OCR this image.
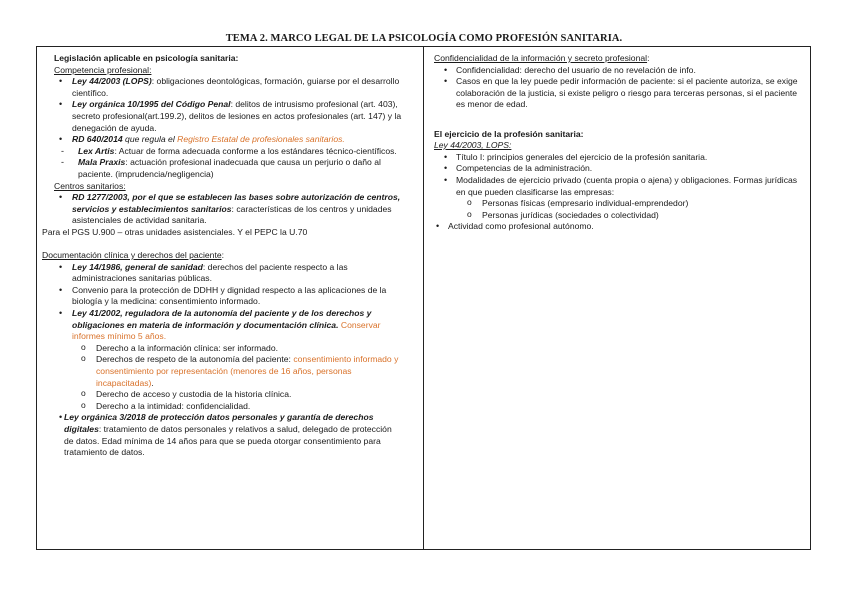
TEMA 2. MARCO LEGAL DE LA PSICOLOGÍA COMO PROFESIÓN SANITARIA.
Legislación aplicable en psicología sanitaria:
Competencia profesional:
• Ley 44/2003 (LOPS): obligaciones deontológicas, formación, guiarse por el desarrollo científico.
• Ley orgánica 10/1995 del Código Penal: delitos de intrusismo profesional (art. 403), secreto profesional(art.199.2), delitos de lesiones en actos profesionales (art. 147) y la denegación de ayuda.
• RD 640/2014 que regula el Registro Estatal de profesionales sanitarios.
- Lex Artis: Actuar de forma adecuada conforme a los estándares técnico-científicos.
- Mala Praxis: actuación profesional inadecuada que causa un perjurio o daño al paciente. (imprudencia/negligencia)
Centros sanitarios:
• RD 1277/2003, por el que se establecen las bases sobre autorización de centros, servicios y establecimientos sanitarios: características de los centros y unidades asistenciales de actividad sanitaria.
Para el PGS U.900 – otras unidades asistenciales. Y el PEPC la U.70
Documentación clínica y derechos del paciente:
• Ley 14/1986, general de sanidad: derechos del paciente respecto a las administraciones sanitarias públicas.
• Convenio para la protección de DDHH y dignidad respecto a las aplicaciones de la biología y la medicina: consentimiento informado.
• Ley 41/2002, reguladora de la autonomía del paciente y de los derechos y obligaciones en materia de información y documentación clínica. Conservar informes mínimo 5 años.
o Derecho a la información clínica: ser informado.
o Derechos de respeto de la autonomía del paciente: consentimiento informado y consentimiento por representación (menores de 16 años, personas incapacitadas).
o Derecho de acceso y custodia de la historia clínica.
o Derecho a la intimidad: confidencialidad.
• Ley orgánica 3/2018 de protección datos personales y garantía de derechos digitales: tratamiento de datos personales y relativos a salud, delegado de protección de datos. Edad mínima de 14 años para que se pueda otorgar consentimiento para tratamiento de datos.
Confidencialidad de la información y secreto profesional:
• Confidencialidad: derecho del usuario de no revelación de info.
• Casos en que la ley puede pedir información de paciente: si el paciente autoriza, se exige colaboración de la justicia, si existe peligro o riesgo para terceras personas, si el paciente es menor de edad.
El ejercicio de la profesión sanitaria:
Ley 44/2003, LOPS:
• Título I: principios generales del ejercicio de la profesión sanitaria.
• Competencias de la administración.
• Modalidades de ejercicio privado (cuenta propia o ajena) y obligaciones. Formas jurídicas en que pueden clasificarse las empresas:
o Personas físicas (empresario individual-emprendedor)
o Personas jurídicas (sociedades o colectividad)
• Actividad como profesional autónomo.
